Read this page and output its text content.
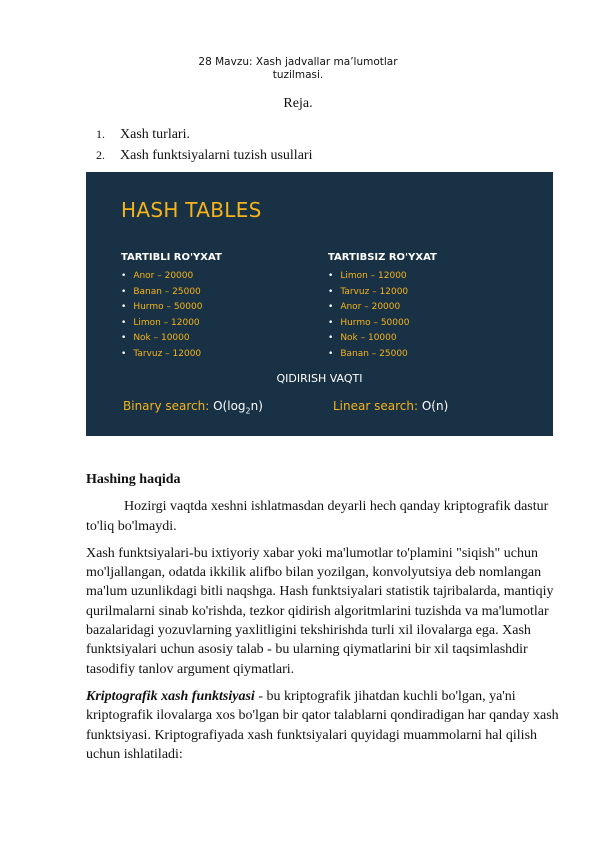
28 Mavzu: Xash jadvallar ma’lumotlar
tuzilmasi.
Reja.
1.	Xash turlari.
2.	Xash funktsiyalarni tuzish usullari
HASH TABLES
TARTIBLI RO'YXAT
• Anor – 20000
• Banan – 25000
• Hurmo – 50000
• Limon – 12000
• Nok – 10000
• Tarvuz – 12000
TARTIBSIZ RO'YXAT
• Limon – 12000
• Tarvuz – 12000
• Anor – 20000
• Hurmo – 50000
• Nok – 10000
• Banan – 25000
QIDIRISH VAQTI
Binary search: $O(\log_2n)$	Linear search: O(n)

Hashing haqida

Hozirgi vaqtda xeshni ishlatmasdan deyarli hech qanday kriptografik dastur to'liq bo'lmaydi.

Xash funktsiyalari-bu ixtiyoriy xabar yoki ma'lumotlar to'plamini "siqish" uchun mo'ljallangan, odatda ikkilik alifbo bilan yozilgan, konvolyutsiya deb nomlangan ma'lum uzunlikdagi bitli naqshga. Hash funktsiyalari statistik tajribalarda, mantiqiy qurilmalarni sinab ko'rishda, tezkor qidirish algoritmlarini tuzishda va ma'lumotlar bazalaridagi yozuvlarning yaxlitligini tekshirishda turli xil ilovalarga ega. Xash funktsiyalari uchun asosiy talab - bu ularning qiymatlarini bir xil taqsimlashdir tasodifiy tanlov argument qiymatlari.

Kriptografik xash funktsiyasi - bu kriptografik jihatdan kuchli bo'lgan, ya'ni kriptografik ilovalarga xos bo'lgan bir qator talablarni qondiradigan har qanday xash funktsiyasi. Kriptografiyada xash funktsiyalari quyidagi muammolarni hal qilish uchun ishlatiladi:
